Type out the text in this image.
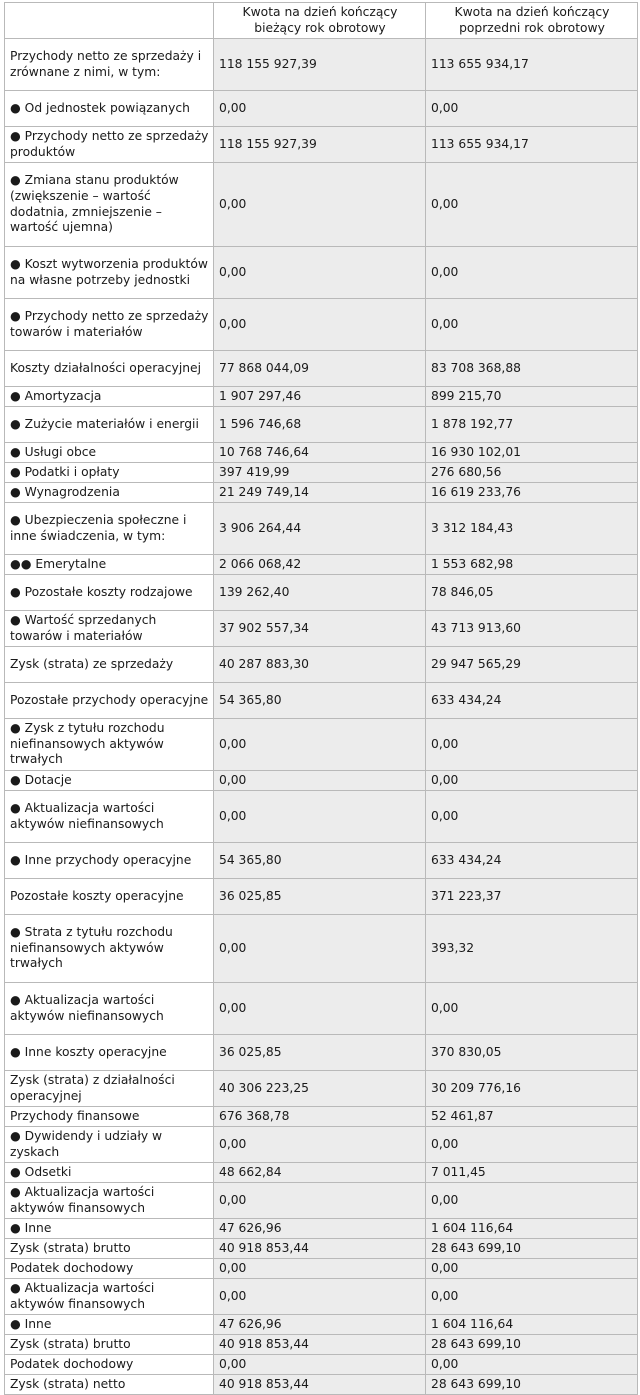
	Kwota na dzień kończący bieżący rok obrotowy	Kwota na dzień kończący poprzedni rok obrotowy
Przychody netto ze sprzedaży i zrównane z nimi, w tym:	118 155 927,39	113 655 934,17
● Od jednostek powiązanych	0,00	0,00
● Przychody netto ze sprzedaży produktów	118 155 927,39	113 655 934,17
● Zmiana stanu produktów (zwiększenie – wartość dodatnia, zmniejszenie – wartość ujemna)	0,00	0,00
● Koszt wytworzenia produktów na własne potrzeby jednostki	0,00	0,00
● Przychody netto ze sprzedaży towarów i materiałów	0,00	0,00
Koszty działalności operacyjnej	77 868 044,09	83 708 368,88
● Amortyzacja	1 907 297,46	899 215,70
● Zużycie materiałów i energii	1 596 746,68	1 878 192,77
● Usługi obce	10 768 746,64	16 930 102,01
● Podatki i opłaty	397 419,99	276 680,56
● Wynagrodzenia	21 249 749,14	16 619 233,76
● Ubezpieczenia społeczne i inne świadczenia, w tym:	3 906 264,44	3 312 184,43
●● Emerytalne	2 066 068,42	1 553 682,98
● Pozostałe koszty rodzajowe	139 262,40	78 846,05
● Wartość sprzedanych towarów i materiałów	37 902 557,34	43 713 913,60
Zysk (strata) ze sprzedaży	40 287 883,30	29 947 565,29
Pozostałe przychody operacyjne	54 365,80	633 434,24
● Zysk z tytułu rozchodu niefinansowych aktywów trwałych	0,00	0,00
● Dotacje	0,00	0,00
● Aktualizacja wartości aktywów niefinansowych	0,00	0,00
● Inne przychody operacyjne	54 365,80	633 434,24
Pozostałe koszty operacyjne	36 025,85	371 223,37
● Strata z tytułu rozchodu niefinansowych aktywów trwałych	0,00	393,32
● Aktualizacja wartości aktywów niefinansowych	0,00	0,00
● Inne koszty operacyjne	36 025,85	370 830,05
Zysk (strata) z działalności operacyjnej	40 306 223,25	30 209 776,16
Przychody finansowe	676 368,78	52 461,87
● Dywidendy i udziały w zyskach	0,00	0,00
● Odsetki	48 662,84	7 011,45
● Aktualizacja wartości aktywów finansowych	0,00	0,00
● Inne	47 626,96	1 604 116,64
Zysk (strata) brutto	40 918 853,44	28 643 699,10
Podatek dochodowy	0,00	0,00
● Aktualizacja wartości aktywów finansowych	0,00	0,00
● Inne	47 626,96	1 604 116,64
Zysk (strata) brutto	40 918 853,44	28 643 699,10
Podatek dochodowy	0,00	0,00
Zysk (strata) netto	40 918 853,44	28 643 699,10
